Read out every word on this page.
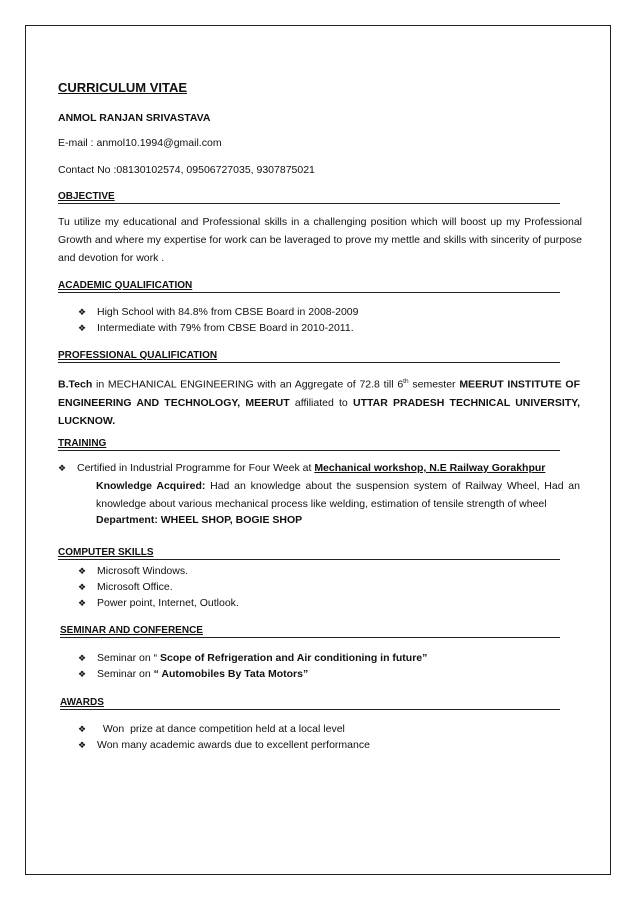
CURRICULUM VITAE
ANMOL RANJAN SRIVASTAVA
E-mail : anmol10.1994@gmail.com
Contact No :08130102574, 09506727035, 9307875021
OBJECTIVE
Tu utilize my educational and Professional skills in a challenging position which will boost up my Professional Growth and where my expertise for work can be laveraged to prove my mettle and skills with sincerity of purpose and devotion for work .
ACADEMIC QUALIFICATION
❖ High School with 84.8% from CBSE Board in 2008-2009
❖ Intermediate with 79% from CBSE Board in 2010-2011.
PROFESSIONAL QUALIFICATION
B.Tech in MECHANICAL ENGINEERING with an Aggregate of 72.8 till 6th semester MEERUT INSTITUTE OF ENGINEERING AND TECHNOLOGY, MEERUT affiliated to UTTAR PRADESH TECHNICAL UNIVERSITY, LUCKNOW.
TRAINING
❖ Certified in Industrial Programme for Four Week at Mechanical workshop, N.E Railway Gorakhpur
Knowledge Acquired: Had an knowledge about the suspension system of Railway Wheel, Had an knowledge about various mechanical process like welding, estimation of tensile strength of wheel
Department: WHEEL SHOP, BOGIE SHOP
COMPUTER SKILLS
❖ Microsoft Windows.
❖ Microsoft Office.
❖ Power point, Internet, Outlook.
SEMINAR AND CONFERENCE
❖ Seminar on “ Scope of Refrigeration and Air conditioning in future”
❖ Seminar on “ Automobiles By Tata Motors”
AWARDS
❖  Won  prize at dance competition held at a local level
❖ Won many academic awards due to excellent performance
